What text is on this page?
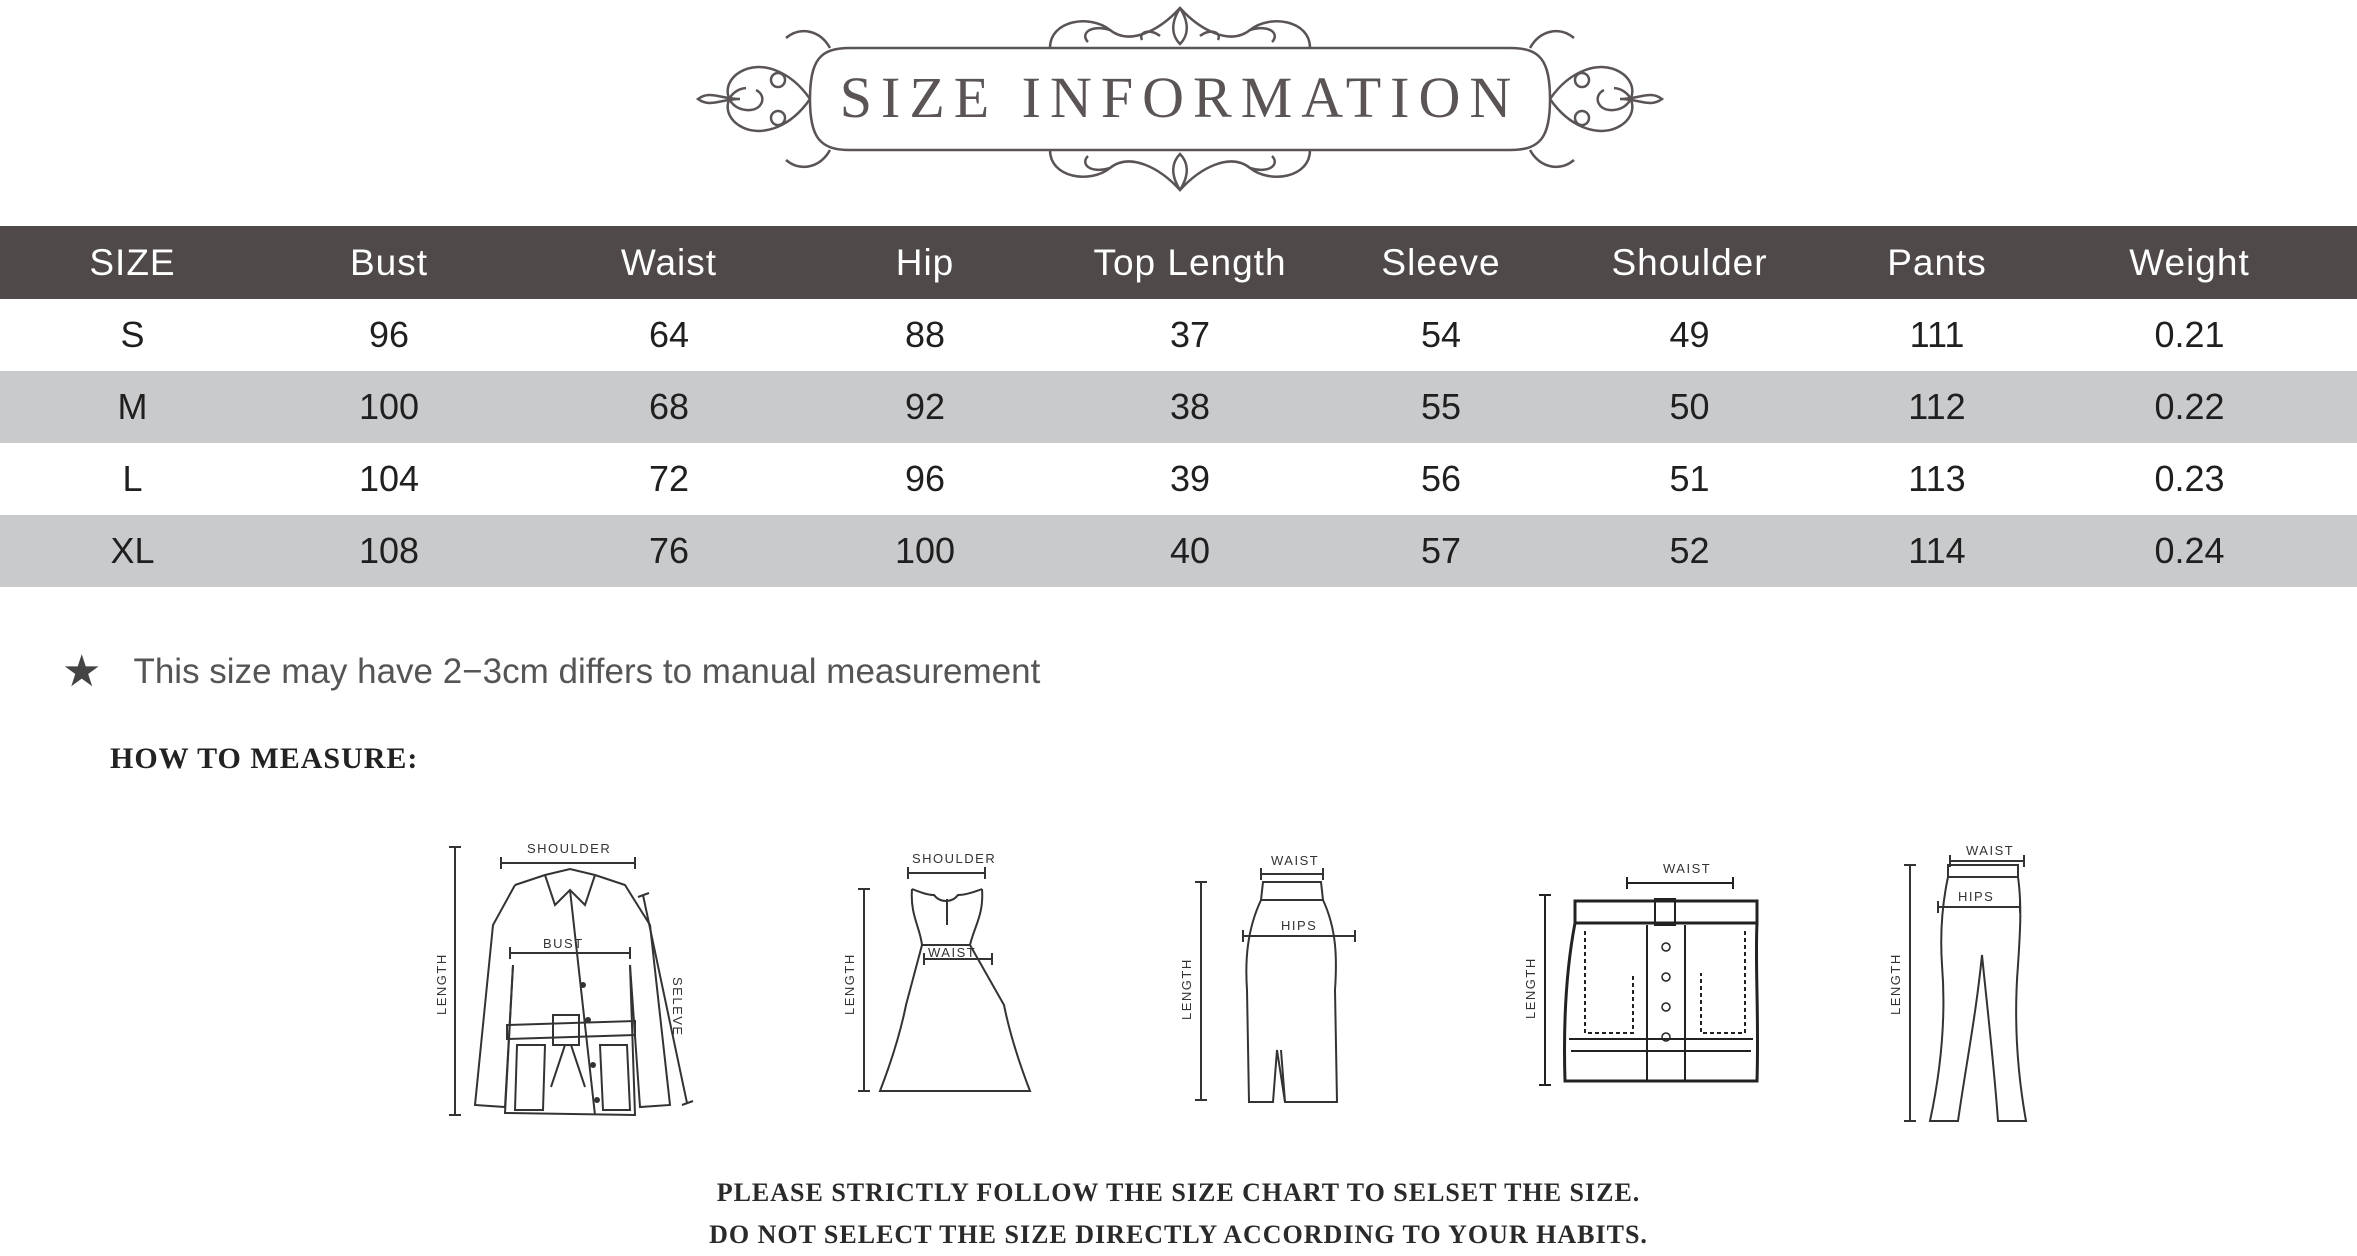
SIZE INFORMATION
SIZE	Bust	Waist	Hip	Top Length	Sleeve	Shoulder	Pants	Weight
S	96	64	88	37	54	49	111	0.21
M	100	68	92	38	55	50	112	0.22
L	104	72	96	39	56	51	113	0.23
XL	108	76	100	40	57	52	114	0.24
★ This size may have 2−3cm differs to manual measurement
HOW TO MEASURE:
SHOULDER
BUST
LENGTH	SELEVE
SHOULDER
WAIST
LENGTH
WAIST
HIPS
LENGTH
WAIST
LENGTH
WAIST
HIPS
LENGTH
PLEASE STRICTLY FOLLOW THE SIZE CHART TO SELSET THE SIZE.
DO NOT SELECT THE SIZE DIRECTLY ACCORDING TO YOUR HABITS.
